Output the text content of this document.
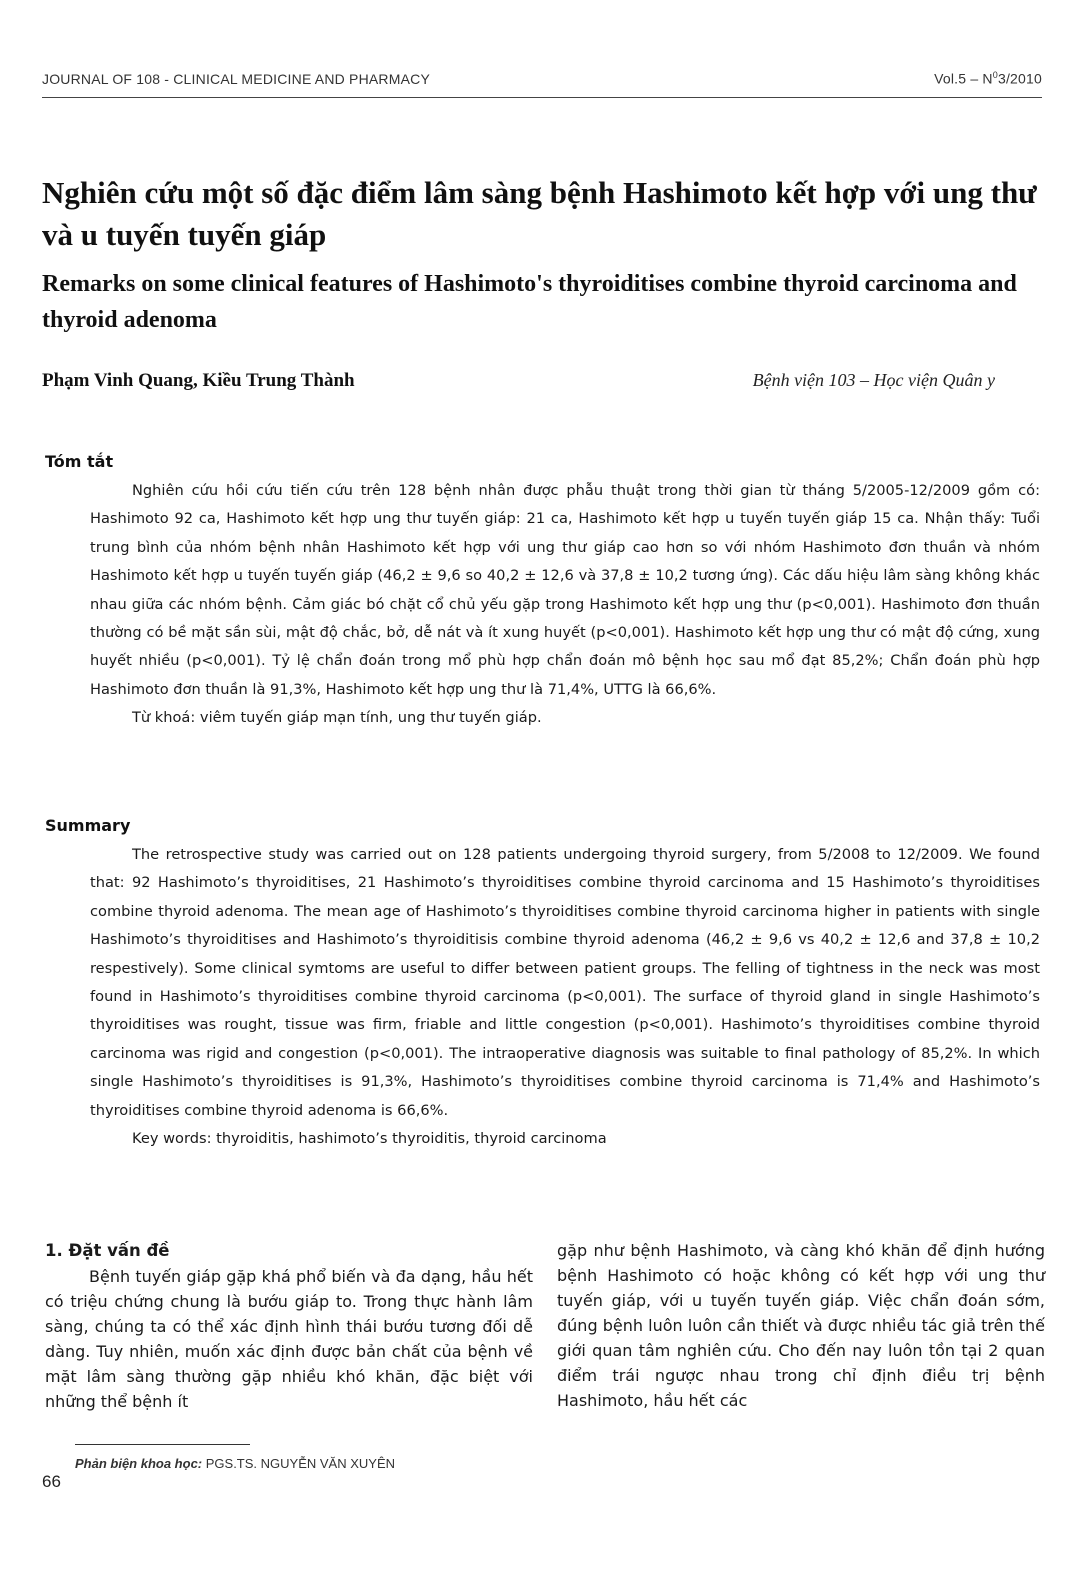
JOURNAL OF 108 - CLINICAL MEDICINE AND PHARMACY	$Vol.5 - N^03/2010$
Nghiên cứu một số đặc điểm lâm sàng bệnh Hashimoto kết hợp với ung thư và u tuyến tuyến giáp
Remarks on some clinical features of Hashimoto's thyroiditises combine thyroid carcinoma and thyroid adenoma
Phạm Vinh Quang, Kiều Trung Thành	Bệnh viện 103 – Học viện Quân y
Tóm tắt

Nghiên cứu hồi cứu tiến cứu trên 128 bệnh nhân được phẫu thuật trong thời gian từ tháng 5/2005-12/2009 gồm có: Hashimoto 92 ca, Hashimoto kết hợp ung thư tuyến giáp: 21 ca, Hashimoto kết hợp u tuyến tuyến giáp 15 ca. Nhận thấy: Tuổi trung bình của nhóm bệnh nhân Hashimoto kết hợp với ung thư giáp cao hơn so với nhóm Hashimoto đơn thuần và nhóm Hashimoto kết hợp u tuyến tuyến giáp (46,2 ± 9,6 so 40,2 ± 12,6 và 37,8 ± 10,2 tương ứng). Các dấu hiệu lâm sàng không khác nhau giữa các nhóm bệnh. Cảm giác bó chặt cổ chủ yếu gặp trong Hashimoto kết hợp ung thư (p<0,001). Hashimoto đơn thuần thường có bề mặt sần sùi, mật độ chắc, bở, dễ nát và ít xung huyết (p<0,001). Hashimoto kết hợp ung thư có mật độ cứng, xung huyết nhiều (p<0,001). Tỷ lệ chẩn đoán trong mổ phù hợp chẩn đoán mô bệnh học sau mổ đạt 85,2%; Chẩn đoán phù hợp Hashimoto đơn thuần là 91,3%, Hashimoto kết hợp ung thư là 71,4%, UTTG là 66,6%.

Từ khoá: viêm tuyến giáp mạn tính, ung thư tuyến giáp.

Summary

The retrospective study was carried out on 128 patients undergoing thyroid surgery, from 5/2008 to 12/2009. We found that: 92 Hashimoto’s thyroiditises, 21 Hashimoto’s thyroiditises combine thyroid carcinoma and 15 Hashimoto’s thyroiditises combine thyroid adenoma. The mean age of Hashimoto’s thyroiditises combine thyroid carcinoma higher in patients with single Hashimoto’s thyroiditises and Hashimoto’s thyroiditisis combine thyroid adenoma (46,2 ± 9,6 vs 40,2 ± 12,6 and 37,8 ± 10,2 respestively). Some clinical symtoms are useful to differ between patient groups. The felling of tightness in the neck was most found in Hashimoto’s thyroiditises combine thyroid carcinoma (p<0,001). The surface of thyroid gland in single Hashimoto’s thyroiditises was rought, tissue was firm, friable and little congestion (p<0,001). Hashimoto’s thyroiditises combine thyroid carcinoma was rigid and congestion (p<0,001). The intraoperative diagnosis was suitable to final pathology of 85,2%. In which single Hashimoto’s thyroiditises is 91,3%, Hashimoto’s thyroiditises combine thyroid carcinoma is 71,4% and Hashimoto’s thyroiditises combine thyroid adenoma is 66,6%.

Key words: thyroiditis, hashimoto’s thyroiditis, thyroid carcinoma

1. Đặt vấn đề

Bệnh tuyến giáp gặp khá phổ biến và đa dạng, hầu hết có triệu chứng chung là bướu giáp to. Trong thực hành lâm sàng, chúng ta có thể xác định hình thái bướu tương đối dễ dàng. Tuy nhiên, muốn xác định được bản chất của bệnh về mặt lâm sàng thường gặp nhiều khó khăn, đặc biệt với những thể bệnh ít

gặp như bệnh Hashimoto, và càng khó khăn để định hướng bệnh Hashimoto có hoặc không có kết hợp với ung thư tuyến giáp, với u tuyến tuyến giáp. Việc chẩn đoán sớm, đúng bệnh luôn luôn cần thiết và được nhiều tác giả trên thế giới quan tâm nghiên cứu. Cho đến nay luôn tồn tại 2 quan điểm trái ngược nhau trong chỉ định điều trị bệnh Hashimoto, hầu hết các

Phản biện khoa học: PGS.TS. NGUYỄN VĂN XUYÊN
66
